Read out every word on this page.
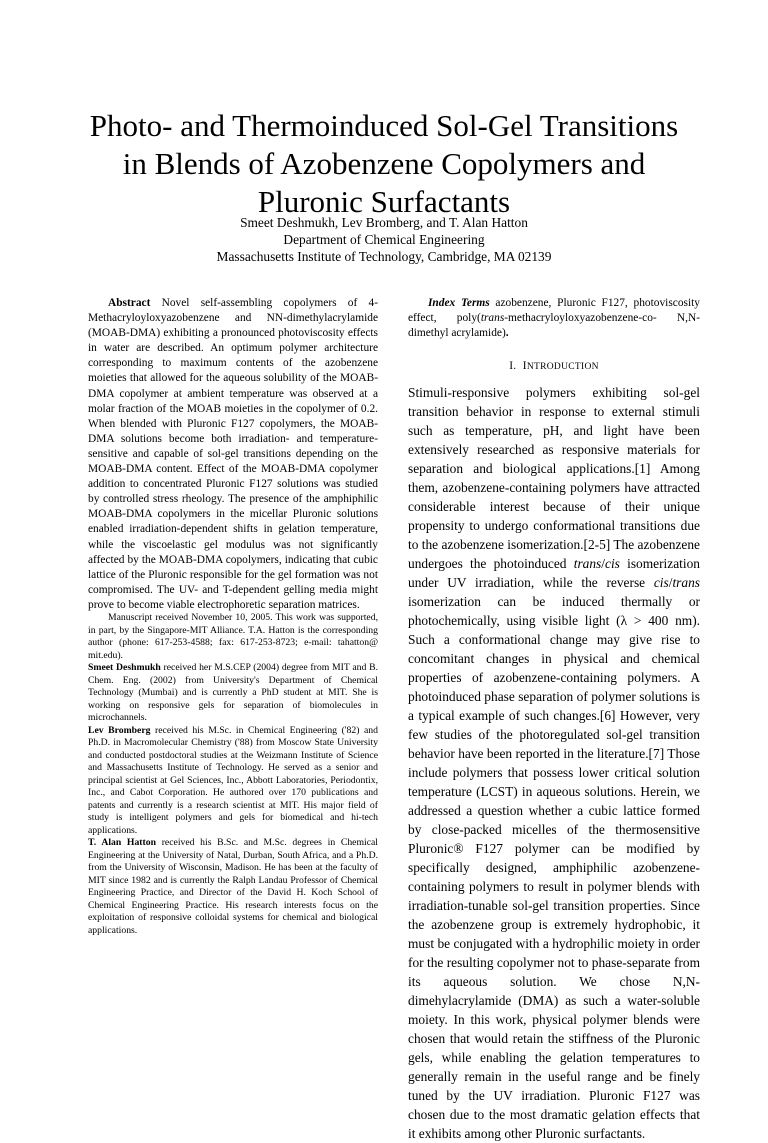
Photo- and Thermoinduced Sol-Gel Transitions in Blends of Azobenzene Copolymers and Pluronic Surfactants
Smeet Deshmukh, Lev Bromberg, and T. Alan Hatton
Department of Chemical Engineering
Massachusetts Institute of Technology, Cambridge, MA 02139

Abstract Novel self-assembling copolymers of 4-Methacryloyloxyazobenzene and NN-dimethylacrylamide (MOAB-DMA) exhibiting a pronounced photoviscosity effects in water are described. An optimum polymer architecture corresponding to maximum contents of the azobenzene moieties that allowed for the aqueous solubility of the MOAB-DMA copolymer at ambient temperature was observed at a molar fraction of the MOAB moieties in the copolymer of 0.2. When blended with Pluronic F127 copolymers, the MOAB-DMA solutions become both irradiation- and temperature-sensitive and capable of sol-gel transitions depending on the MOAB-DMA content. Effect of the MOAB-DMA copolymer addition to concentrated Pluronic F127 solutions was studied by controlled stress rheology. The presence of the amphiphilic MOAB-DMA copolymers in the micellar Pluronic solutions enabled irradiation-dependent shifts in gelation temperature, while the viscoelastic gel modulus was not significantly affected by the MOAB-DMA copolymers, indicating that cubic lattice of the Pluronic responsible for the gel formation was not compromised. The UV- and T-dependent gelling media might prove to become viable electrophoretic separation matrices.

Manuscript received November 10, 2005. This work was supported, in part, by the Singapore-MIT Alliance. T.A. Hatton is the corresponding author (phone: 617-253-4588; fax: 617-253-8723; e-mail: tahatton@ mit.edu).

Smeet Deshmukh received her M.S.CEP (2004) degree from MIT and B. Chem. Eng. (2002) from University's Department of Chemical Technology (Mumbai) and is currently a PhD student at MIT. She is working on responsive gels for separation of biomolecules in microchannels.

Lev Bromberg received his M.Sc. in Chemical Engineering ('82) and Ph.D. in Macromolecular Chemistry ('88) from Moscow State University and conducted postdoctoral studies at the Weizmann Institute of Science and Massachusetts Institute of Technology. He served as a senior and principal scientist at Gel Sciences, Inc., Abbott Laboratories, Periodontix, Inc., and Cabot Corporation. He authored over 170 publications and patents and currently is a research scientist at MIT. His major field of study is intelligent polymers and gels for biomedical and hi-tech applications.

T. Alan Hatton received his B.Sc. and M.Sc. degrees in Chemical Engineering at the University of Natal, Durban, South Africa, and a Ph.D. from the University of Wisconsin, Madison. He has been at the faculty of MIT since 1982 and is currently the Ralph Landau Professor of Chemical Engineering Practice, and Director of the David H. Koch School of Chemical Engineering Practice. His research interests focus on the exploitation of responsive colloidal systems for chemical and biological applications.

Index Terms azobenzene, Pluronic F127, photoviscosity effect, poly(trans-methacryloyloxyazobenzene-co- N,N-dimethyl acrylamide).

I. INTRODUCTION

Stimuli-responsive polymers exhibiting sol-gel transition behavior in response to external stimuli such as temperature, pH, and light have been extensively researched as responsive materials for separation and biological applications.[1] Among them, azobenzene-containing polymers have attracted considerable interest because of their unique propensity to undergo conformational transitions due to the azobenzene isomerization.[2-5] The azobenzene undergoes the photoinduced trans/cis isomerization under UV irradiation, while the reverse cis/trans isomerization can be induced thermally or photochemically, using visible light (λ > 400 nm). Such a conformational change may give rise to concomitant changes in physical and chemical properties of azobenzene-containing polymers. A photoinduced phase separation of polymer solutions is a typical example of such changes.[6] However, very few studies of the photoregulated sol-gel transition behavior have been reported in the literature.[7] Those include polymers that possess lower critical solution temperature (LCST) in aqueous solutions. Herein, we addressed a question whether a cubic lattice formed by close-packed micelles of the thermosensitive Pluronic® F127 polymer can be modified by specifically designed, amphiphilic azobenzene-containing polymers to result in polymer blends with irradiation-tunable sol-gel transition properties. Since the azobenzene group is extremely hydrophobic, it must be conjugated with a hydrophilic moiety in order for the resulting copolymer not to phase-separate from its aqueous solution. We chose N,N-dimehylacrylamide (DMA) as such a water-soluble moiety. In this work, physical polymer blends were chosen that would retain the stiffness of the Pluronic gels, while enabling the gelation temperatures to generally remain in the useful range and be finely tuned by the UV irradiation. Pluronic F127 was chosen due to the most dramatic gelation effects that it exhibits among other Pluronic surfactants.
